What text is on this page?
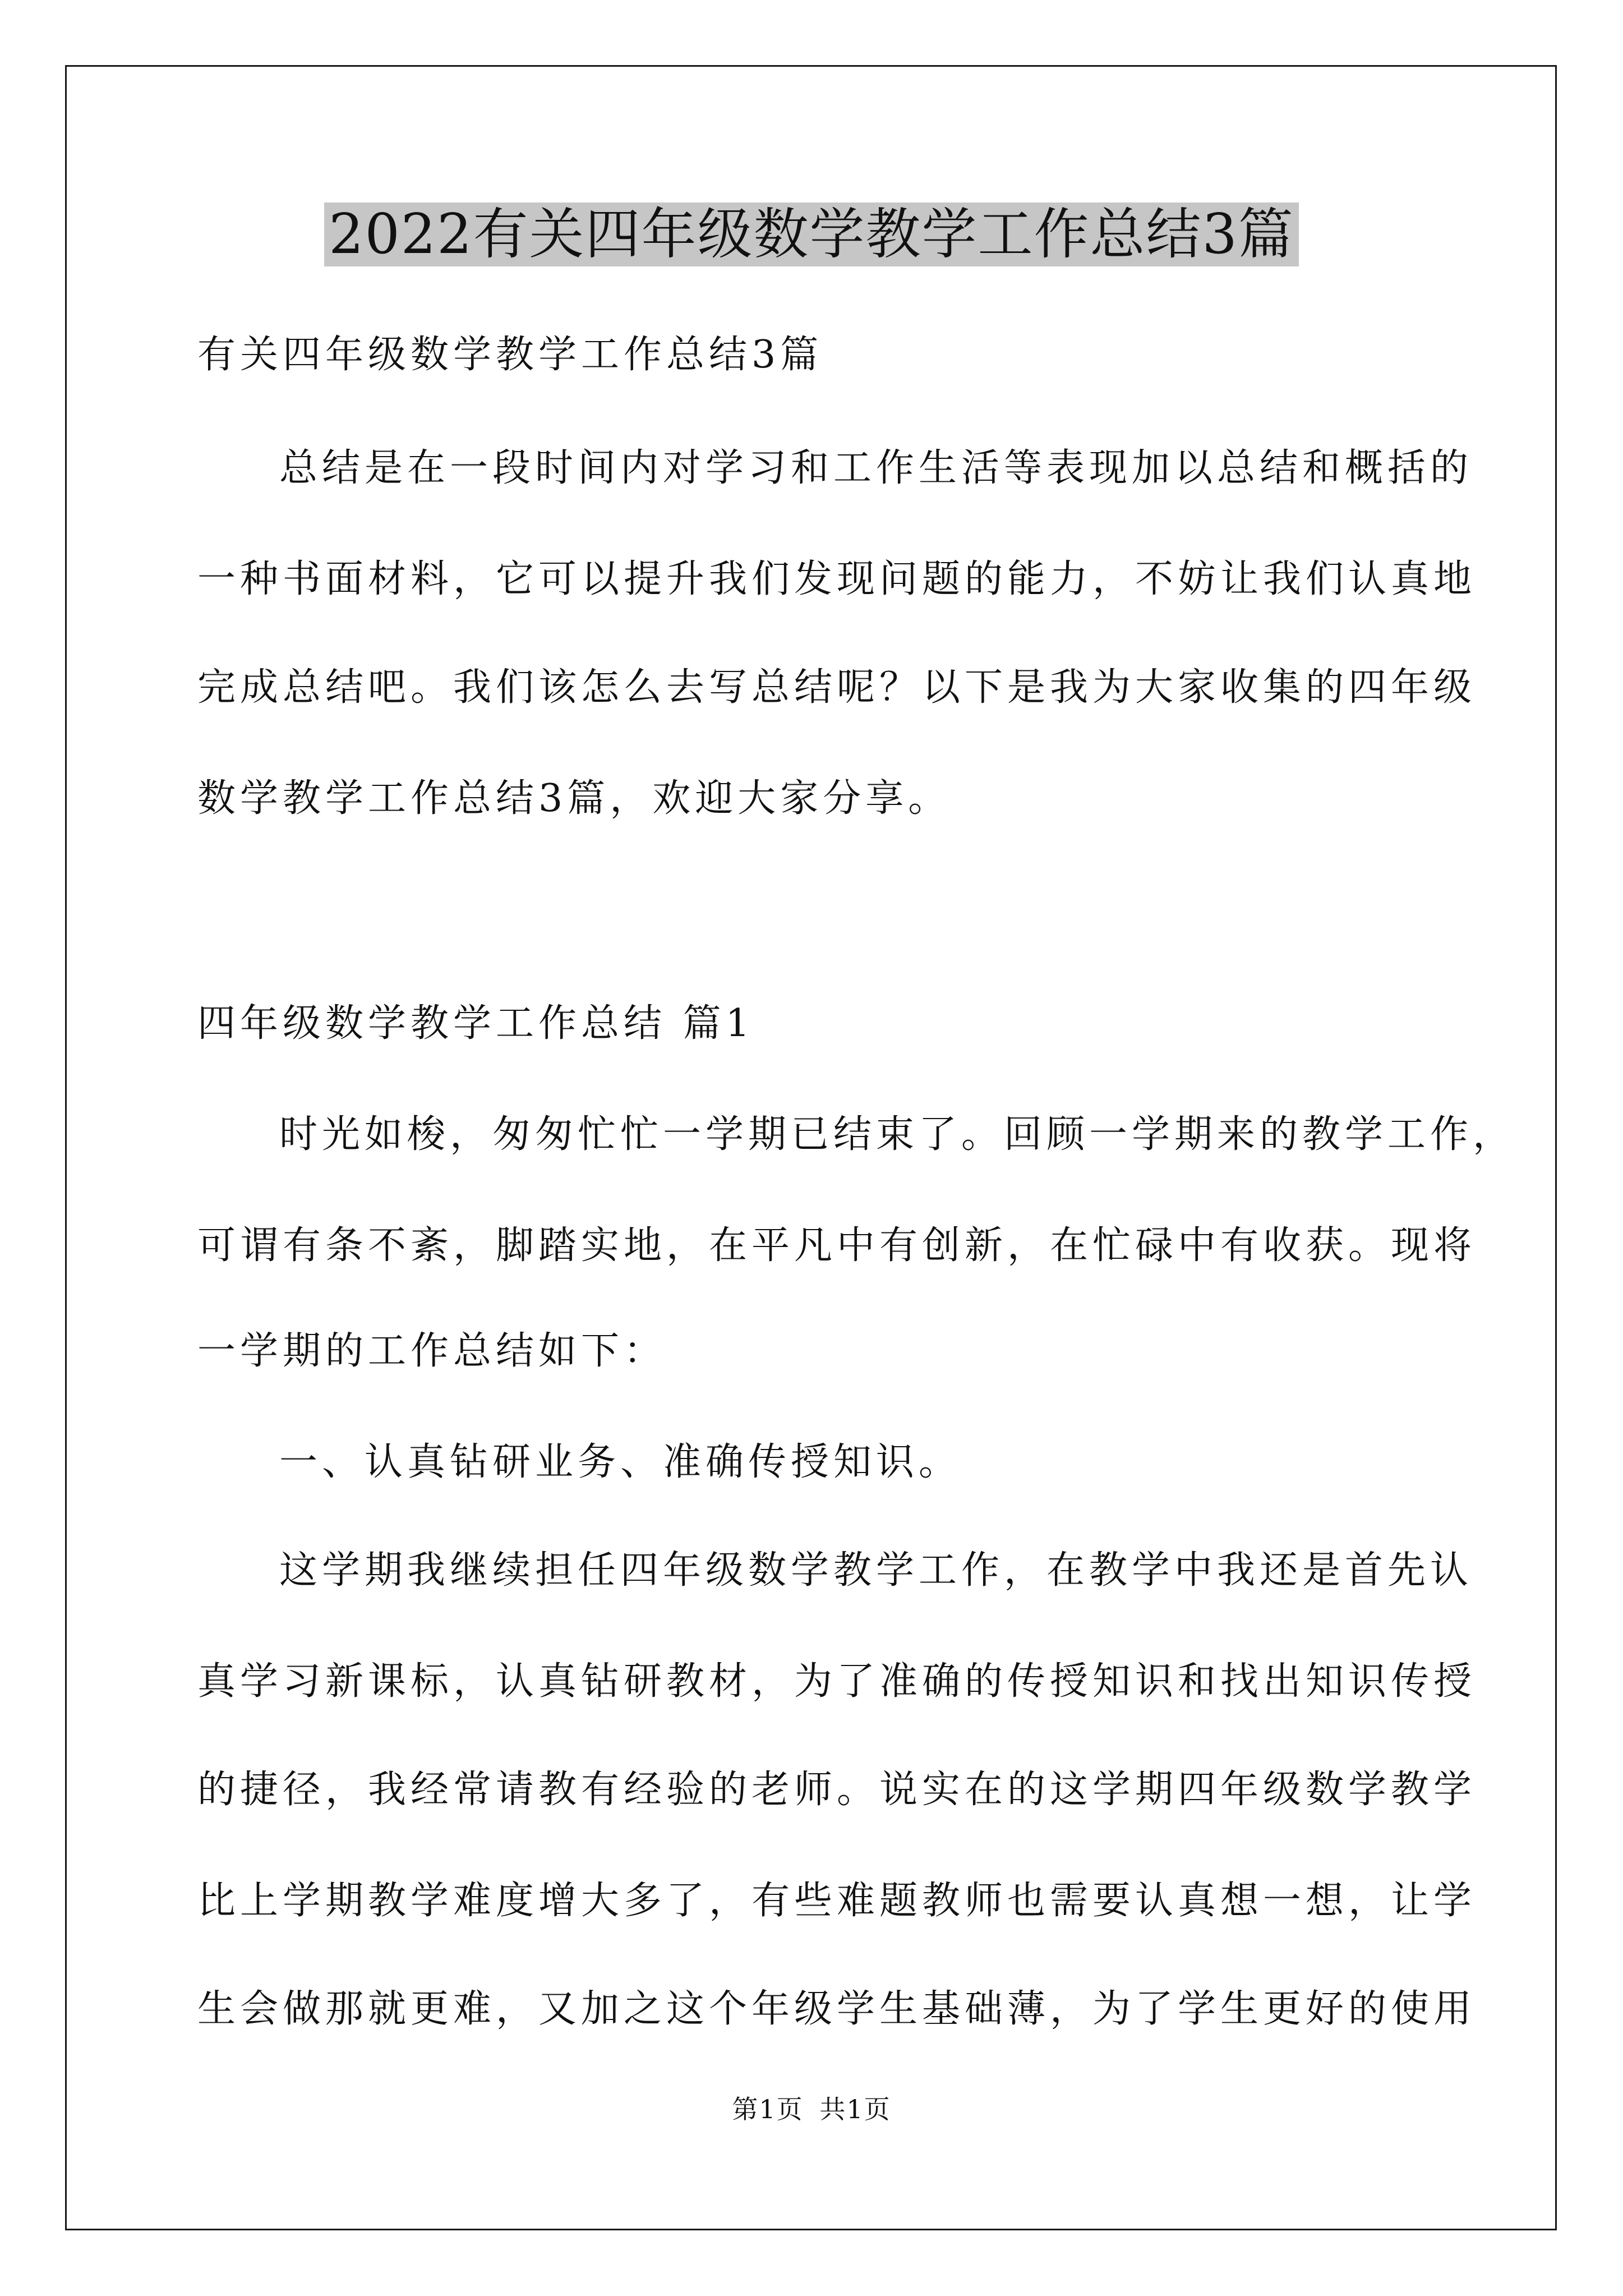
2022有关四年级数学教学工作总结3篇

有关四年级数学教学工作总结3篇

总结是在一段时间内对学习和工作生活等表现加以总结和概括的

一种书面材料，它可以提升我们发现问题的能力，不妨让我们认真地

完成总结吧。我们该怎么去写总结呢？以下是我为大家收集的四年级

数学教学工作总结3篇，欢迎大家分享。

四年级数学教学工作总结 篇1

时光如梭，匆匆忙忙一学期已结束了。回顾一学期来的教学工作，

可谓有条不紊，脚踏实地，在平凡中有创新，在忙碌中有收获。现将

一学期的工作总结如下：

一、认真钻研业务、准确传授知识。

这学期我继续担任四年级数学教学工作，在教学中我还是首先认

真学习新课标，认真钻研教材，为了准确的传授知识和找出知识传授

的捷径，我经常请教有经验的老师。说实在的这学期四年级数学教学

比上学期教学难度增大多了，有些难题教师也需要认真想一想，让学

生会做那就更难，又加之这个年级学生基础薄，为了学生更好的使用

第1页 共1页
